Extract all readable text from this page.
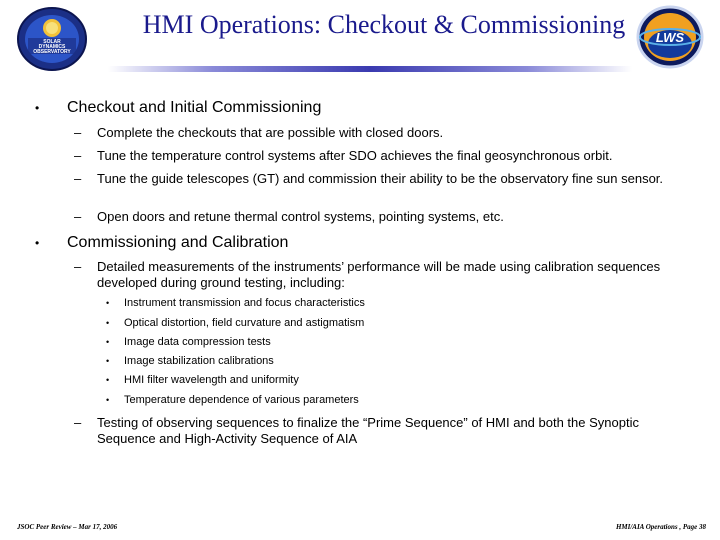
SOLAR
DYNAMICS
OBSERVATORY
LWS
HMI Operations: Checkout & Commissioning
• Checkout and Initial Commissioning
– Complete the checkouts that are possible with closed doors.
– Tune the temperature control systems after SDO achieves the final geosynchronous orbit.
– Tune the guide telescopes (GT) and commission their ability to be the observatory fine sun sensor.
– Open doors and retune thermal control systems, pointing systems, etc.
• Commissioning and Calibration
– Detailed measurements of the instruments’ performance will be made using calibration sequences developed during ground testing, including:
• Instrument transmission and focus characteristics
• Optical distortion, field curvature and astigmatism
• Image data compression tests
• Image stabilization calibrations
• HMI filter wavelength and uniformity
• Temperature dependence of various parameters
– Testing of observing sequences to finalize the “Prime Sequence” of HMI and both the Synoptic Sequence and High-Activity Sequence of AIA
JSOC Peer Review – Mar 17, 2006	HMI/AIA Operations , Page 38
